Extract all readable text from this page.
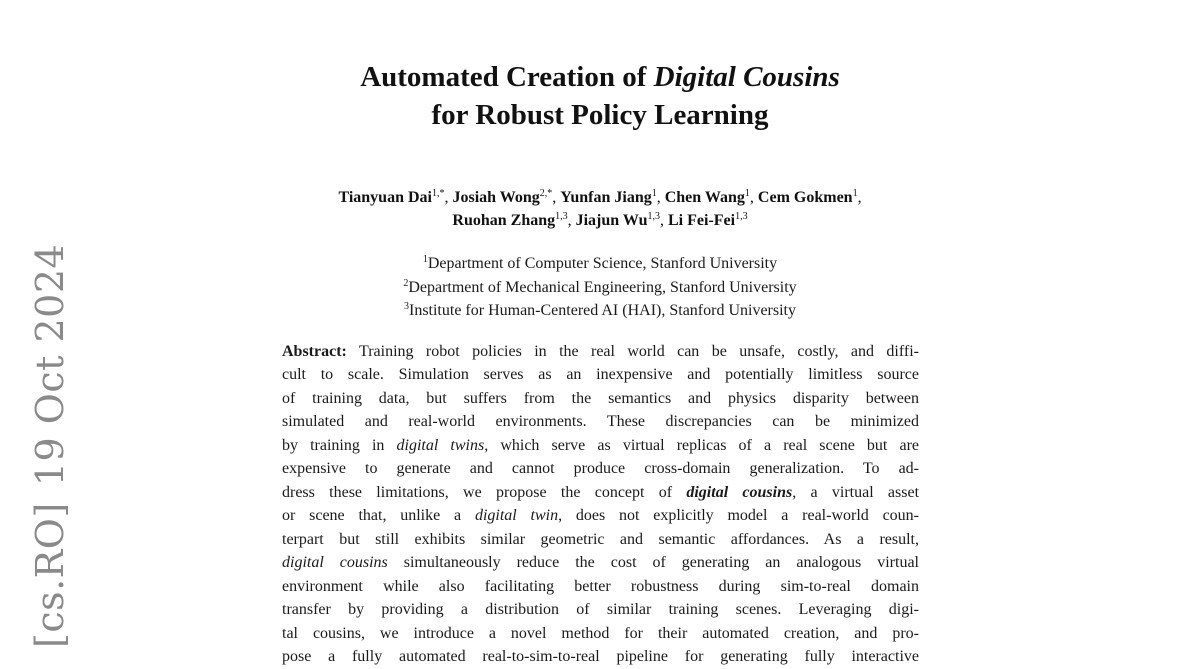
[cs.RO]19 Oct 2024
Automated Creation of Digital Cousins
for Robust Policy Learning
Tianyuan Dai$^{1,*}$, Josiah Wong$^{2,*}$, Yunfan Jiang$^1$, Chen Wang$^1$, Cem Gokmen$^1$,
Ruohan Zhang$^{1,3}$, Jiajun Wu$^{1,3}$, Li Fei-Fei$^{1,3}$
$^1$Department of Computer Science, Stanford University
$^2$Department of Mechanical Engineering, Stanford University
$^3$Institute for Human-Centered AI (HAI), Stanford University
Abstract: Training robot policies in the real world can be unsafe, costly, and diffi-
cult to scale. Simulation serves as an inexpensive and potentially limitless source
of training data, but suffers from the semantics and physics disparity between
simulated and real-world environments. These discrepancies can be minimized
by training in digital twins, which serve as virtual replicas of a real scene but are
expensive to generate and cannot produce cross-domain generalization. To ad-
dress these limitations, we propose the concept of digital cousins, a virtual asset
or scene that, unlike a digital twin, does not explicitly model a real-world coun-
terpart but still exhibits similar geometric and semantic affordances. As a result,
digital cousins simultaneously reduce the cost of generating an analogous virtual
environment while also facilitating better robustness during sim-to-real domain
transfer by providing a distribution of similar training scenes. Leveraging digi-
tal cousins, we introduce a novel method for their automated creation, and pro-
pose a fully automated real-to-sim-to-real pipeline for generating fully interactive
